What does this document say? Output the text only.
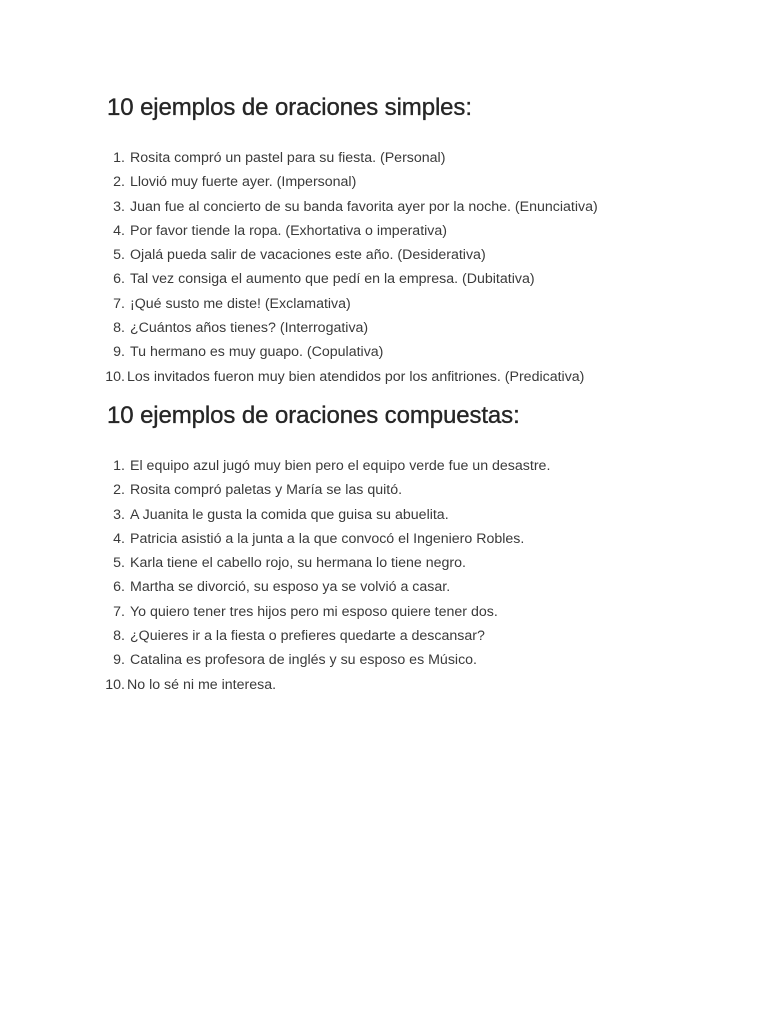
10 ejemplos de oraciones simples:
1. Rosita compró un pastel para su fiesta. (Personal)
2. Llovió muy fuerte ayer. (Impersonal)
3. Juan fue al concierto de su banda favorita ayer por la noche. (Enunciativa)
4. Por favor tiende la ropa. (Exhortativa o imperativa)
5. Ojalá pueda salir de vacaciones este año. (Desiderativa)
6. Tal vez consiga el aumento que pedí en la empresa. (Dubitativa)
7. ¡Qué susto me diste! (Exclamativa)
8. ¿Cuántos años tienes? (Interrogativa)
9. Tu hermano es muy guapo. (Copulativa)
10. Los invitados fueron muy bien atendidos por los anfitriones. (Predicativa)
10 ejemplos de oraciones compuestas:
1. El equipo azul jugó muy bien pero el equipo verde fue un desastre.
2. Rosita compró paletas y María se las quitó.
3. A Juanita le gusta la comida que guisa su abuelita.
4. Patricia asistió a la junta a la que convocó el Ingeniero Robles.
5. Karla tiene el cabello rojo, su hermana lo tiene negro.
6. Martha se divorció, su esposo ya se volvió a casar.
7. Yo quiero tener tres hijos pero mi esposo quiere tener dos.
8. ¿Quieres ir a la fiesta o prefieres quedarte a descansar?
9. Catalina es profesora de inglés y su esposo es Músico.
10. No lo sé ni me interesa.
